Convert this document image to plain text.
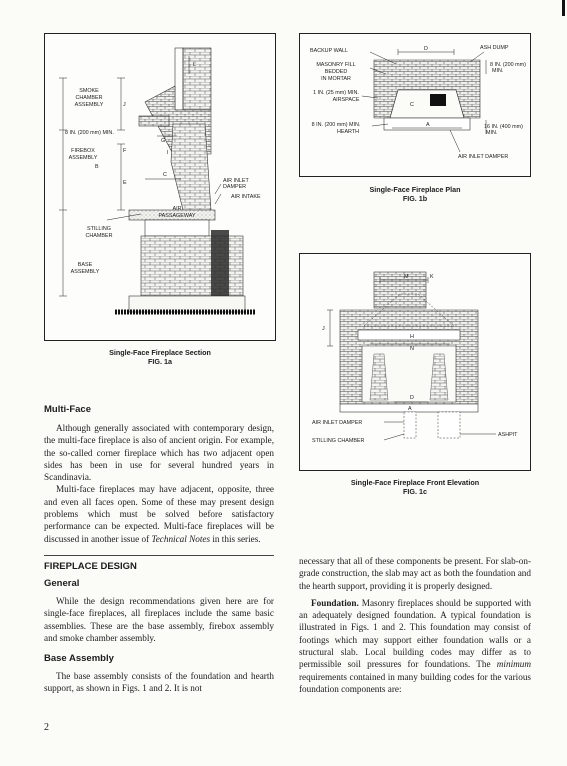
SMOKE
CHAMBER
ASSEMBLY
8 IN. (200 mm) MIN.
FIREBOX
ASSEMBLY
STILLING
CHAMBER
BASE
ASSEMBLY
AIR INLET
DAMPER
AIR INTAKE
AIR
PASSAGEWAY
L
J
F
B
E
G
I
C
Single-Face Fireplace Section
FIG. 1a
BACKUP WALL	ASH DUMP
MASONRY FILL
BEDDED
IN MORTAR
1 IN. (25 mm) MIN.
AIRSPACE
8 IN. (200 mm) MIN.
HEARTH
8 IN. (200 mm)
MIN.
16 IN. (400 mm)
MIN.
AIR INLET DAMPER
D
C
A
Single-Face Fireplace Plan
FIG. 1b
M	K
J
H
N
D
A
AIR INLET DAMPER
STILLING CHAMBER
ASHPIT
Single-Face Fireplace Front Elevation
FIG. 1c
Multi-Face

Although generally associated with contemporary design, the multi-face fireplace is also of ancient origin. For example, the so-called corner fireplace which has two adjacent open sides has been in use for several hundred years in Scandinavia.

Multi-face fireplaces may have adjacent, opposite, three and even all faces open. Some of these may present design problems which must be solved before satisfactory performance can be expected. Multi-face fireplaces will be discussed in another issue of Technical Notes in this series.

FIREPLACE DESIGN
General

While the design recommendations given here are for single-face fireplaces, all fireplaces include the same basic assemblies. These are the base assembly, firebox assembly and smoke chamber assembly.

Base Assembly

The base assembly consists of the foundation and hearth support, as shown in Figs. 1 and 2. It is not

necessary that all of these components be present. For slab-on-grade construction, the slab may act as both the foundation and the hearth support, providing it is properly designed.

Foundation. Masonry fireplaces should be supported with an adequately designed foundation. A typical foundation is illustrated in Figs. 1 and 2. This foundation may consist of footings which may support either foundation walls or a structural slab. Local building codes may differ as to permissible soil pressures for foundations. The minimum requirements contained in many building codes for the various foundation components are:

2
